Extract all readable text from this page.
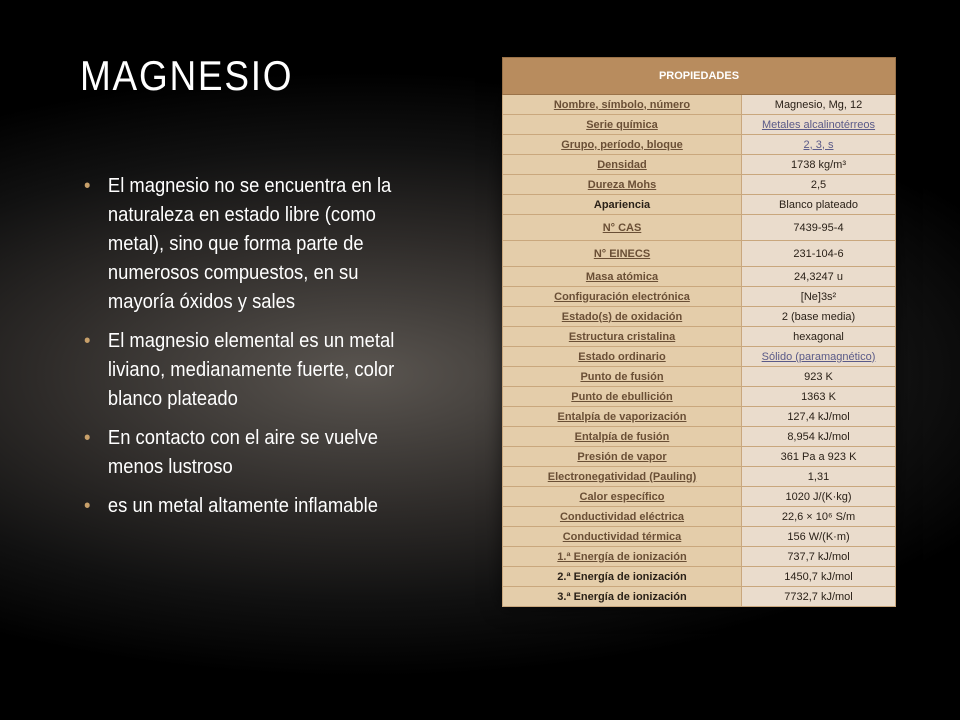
MAGNESIO
• El magnesio no se encuentra en la naturaleza en estado libre (como metal), sino que forma parte de numerosos compuestos, en su mayoría óxidos y sales
• El magnesio elemental es un metal liviano, medianamente fuerte, color blanco plateado
• En contacto con el aire se vuelve menos lustroso
• es un metal altamente inflamable
PROPIEDADES	
Nombre, símbolo, número	Magnesio, Mg, 12
Serie química	Metales alcalinotérreos
Grupo, período, bloque	2, 3, s
Densidad	1738 kg/m³
Dureza Mohs	2,5
Apariencia	Blanco plateado
N° CAS	7439-95-4
N° EINECS	231-104-6
Masa atómica	24,3247 u
Configuración electrónica	[Ne]3s²
Estado(s) de oxidación	2 (base media)
Estructura cristalina	hexagonal
Estado ordinario	Sólido (paramagnético)
Punto de fusión	923 K
Punto de ebullición	1363 K
Entalpía de vaporización	127,4 kJ/mol
Entalpía de fusión	8,954 kJ/mol
Presión de vapor	361 Pa a 923 K
Electronegatividad (Pauling)	1,31
Calor específico	1020 J/(K·kg)
Conductividad eléctrica	22,6 × 10⁶ S/m
Conductividad térmica	156 W/(K·m)
1.ª Energía de ionización	737,7 kJ/mol
2.ª Energía de ionización	1450,7 kJ/mol
3.ª Energía de ionización	7732,7 kJ/mol
